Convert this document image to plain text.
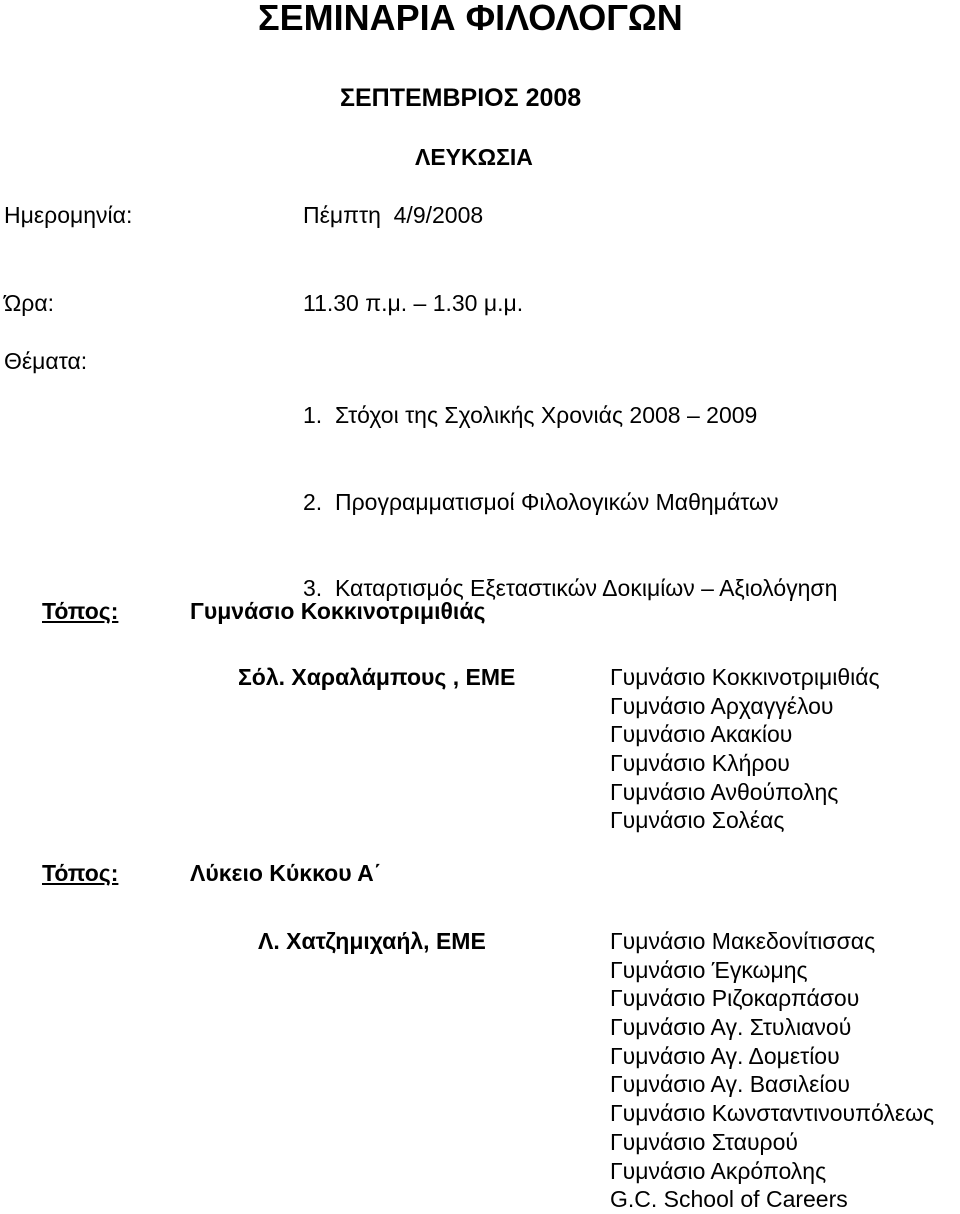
ΣΕΜΙΝΑΡΙΑ ΦΙΛΟΛΟΓΩΝ
ΣΕΠΤΕΜΒΡΙΟΣ 2008
ΛΕΥΚΩΣΙΑ
Ημερομηνία:	Πέμπτη  4/9/2008
Ώρα:	11.30 π.μ. – 1.30 μ.μ.
Θέματα:

1.  Στόχοι της Σχολικής Χρονιάς 2008 – 2009

2.  Προγραμματισμοί Φιλολογικών Μαθημάτων

3.  Καταρτισμός Εξεταστικών Δοκιμίων – Αξιολόγηση

Τόπος:	Γυμνάσιο Κοκκινοτριμιθιάς
Σόλ. Χαραλάμπους , ΕΜΕ	Γυμνάσιο Κοκκινοτριμιθιάς
Γυμνάσιο Αρχαγγέλου
Γυμνάσιο Ακακίου
Γυμνάσιο Κλήρου
Γυμνάσιο Ανθούπολης
Γυμνάσιο Σολέας
Τόπος:	Λύκειο Κύκκου Α΄
Λ. Χατζημιχαήλ, ΕΜΕ	Γυμνάσιο Μακεδονίτισσας
Γυμνάσιο Έγκωμης
Γυμνάσιο Ριζοκαρπάσου
Γυμνάσιο Αγ. Στυλιανού
Γυμνάσιο Αγ. Δομετίου
Γυμνάσιο Αγ. Βασιλείου
Γυμνάσιο Κωνσταντινουπόλεως
Γυμνάσιο Σταυρού
Γυμνάσιο Ακρόπολης
G.C. School of Careers
